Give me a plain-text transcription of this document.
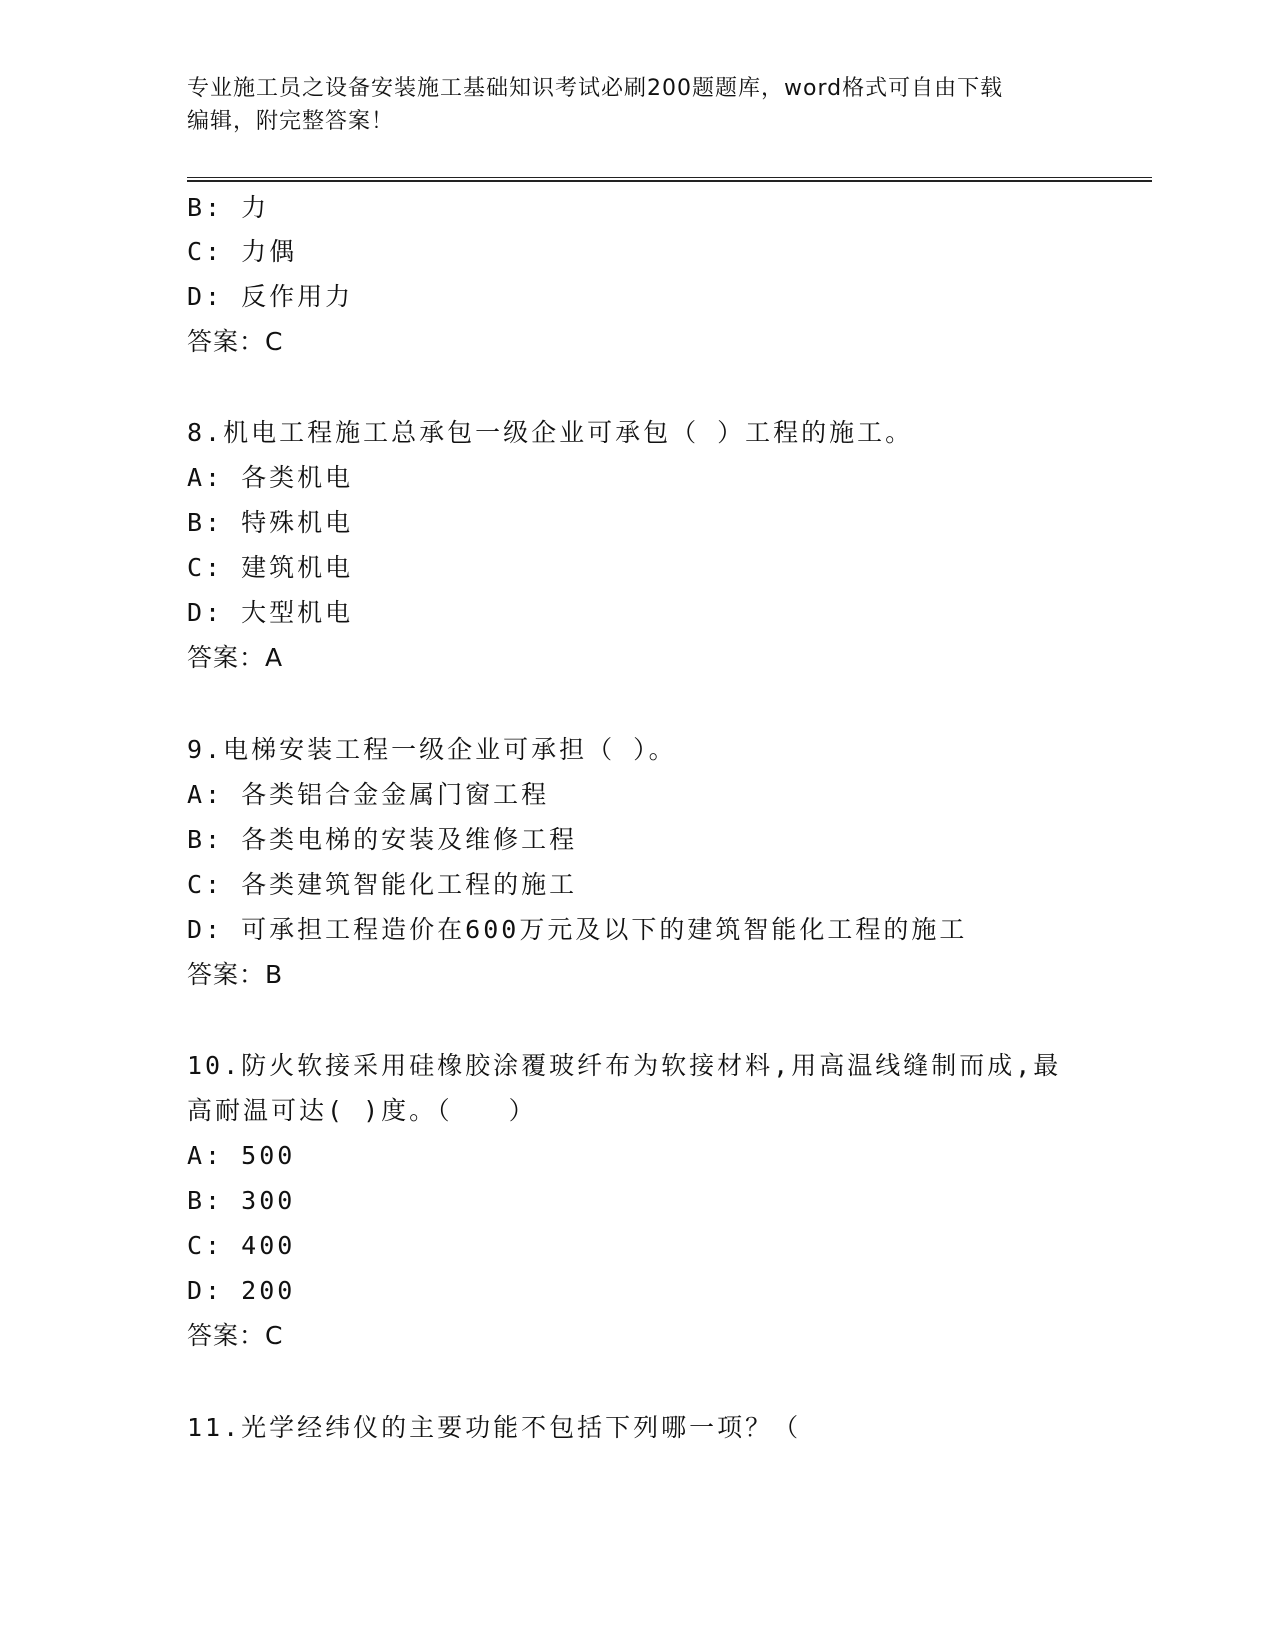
专业施工员之设备安装施工基础知识考试必刷200题题库，word格式可自由下载
编辑，附完整答案！
B: 力
C: 力偶
D: 反作用力
答案：C
8.机电工程施工总承包一级企业可承包（ ）工程的施工。
A: 各类机电
B: 特殊机电
C: 建筑机电
D: 大型机电
答案：A
9.电梯安装工程一级企业可承担（ ）。
A: 各类铝合金金属门窗工程
B: 各类电梯的安装及维修工程
C: 各类建筑智能化工程的施工
D: 可承担工程造价在600万元及以下的建筑智能化工程的施工
答案：B
10.防火软接采用硅橡胶涂覆玻纤布为软接材料,用高温线缝制而成,最
高耐温可达( )度。（　　）
A: 500
B: 300
C: 400
D: 200
答案：C
11.光学经纬仪的主要功能不包括下列哪一项？（
